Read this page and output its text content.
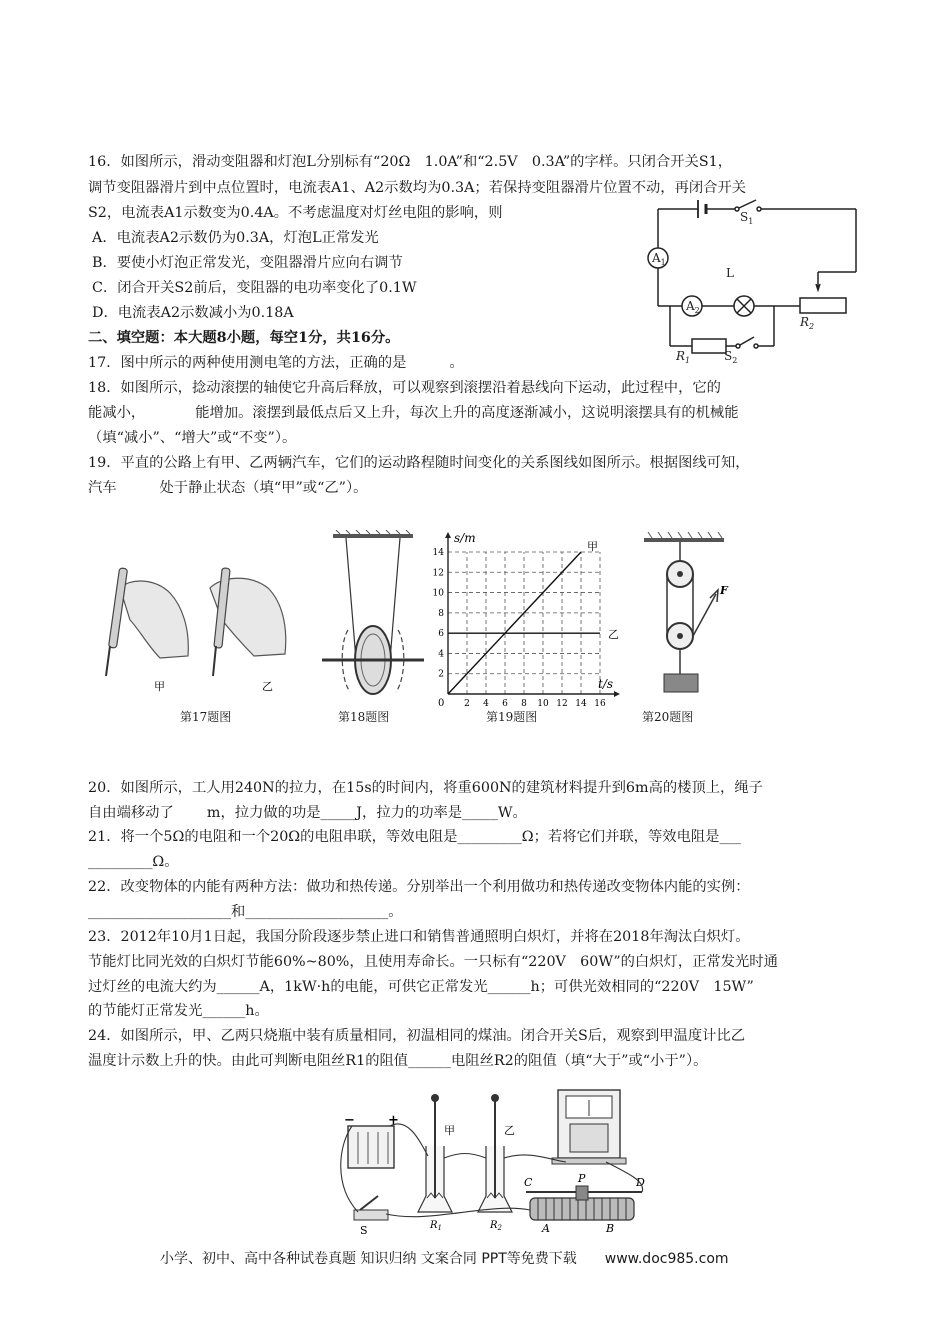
16．如图所示，滑动变阻器和灯泡L分别标有“20Ω　1.0A”和“2.5V　0.3A”的字样。只闭合开关S1，
调节变阻器滑片到中点位置时，电流表A1、A2示数均为0.3A；若保持变阻器滑片位置不动，再闭合开关
S2，电流表A1示数变为0.4A。不考虑温度对灯丝电阻的影响，则
A．电流表A2示数仍为0.3A，灯泡L正常发光
B．要使小灯泡正常发光，变阻器滑片应向右调节
C．闭合开关S2前后，变阻器的电功率变化了0.1W
D．电流表A2示数减小为0.18A
$S_1$
$A_1$
$A_2$
L
$R_2$
$R_1$	$S_2$
二、填空题：本大题8小题，每空1分，共16分。
17．图中所示的两种使用测电笔的方法，正确的是　　　。
18．如图所示，捻动滚摆的轴使它升高后释放，可以观察到滚摆沿着悬线向下运动，此过程中，它的
能减小，　　　　能增加。滚摆到最低点后又上升，每次上升的高度逐渐减小，这说明滚摆具有的机械能
（填“减小”、“增大”或“不变”）。
19．平直的公路上有甲、乙两辆汽车，它们的运动路程随时间变化的关系图线如图所示。根据图线可知，
汽车　　　处于静止状态（填“甲”或“乙”）。
甲	乙
第17题图	第18题图
2 4 6 8 10 12 14 16
2
4
6
8
10
12
14	甲
乙
s/m
t/s
0
第19题图
F
第20题图
20．如图所示，工人用240N的拉力，在15s的时间内，将重600N的建筑材料提升到6m高的楼顶上，绳子
自由端移动了　　 m，拉力做的功是_____J，拉力的功率是_____W。
21．将一个5Ω的电阻和一个20Ω的电阻串联，等效电阻是_________Ω；若将它们并联，等效电阻是___
_________Ω。
22．改变物体的内能有两种方法：做功和热传递。分别举出一个利用做功和热传递改变物体内能的实例：
____________________和____________________。
23．2012年10月1日起，我国分阶段逐步禁止进口和销售普通照明白炽灯，并将在2018年淘汰白炽灯。
节能灯比同光效的白炽灯节能60%~80%，且使用寿命长。一只标有“220V　60W”的白炽灯，正常发光时通
过灯丝的电流大约为______A，1kW·h的电能，可供它正常发光______h；可供光效相同的“220V　15W”
的节能灯正常发光______h。
24．如图所示，甲、乙两只烧瓶中装有质量相同，初温相同的煤油。闭合开关S后，观察到甲温度计比乙
温度计示数上升的快。由此可判断电阻丝R1的阻值______电阻丝R2的阻值（填“大于”或“小于”）。
−	+
甲	乙
$R_1$	$R_2$
C	P	D
A	B
S
小学、初中、高中各种试卷真题 知识归纳 文案合同 PPT等免费下载　　www.doc985.com
